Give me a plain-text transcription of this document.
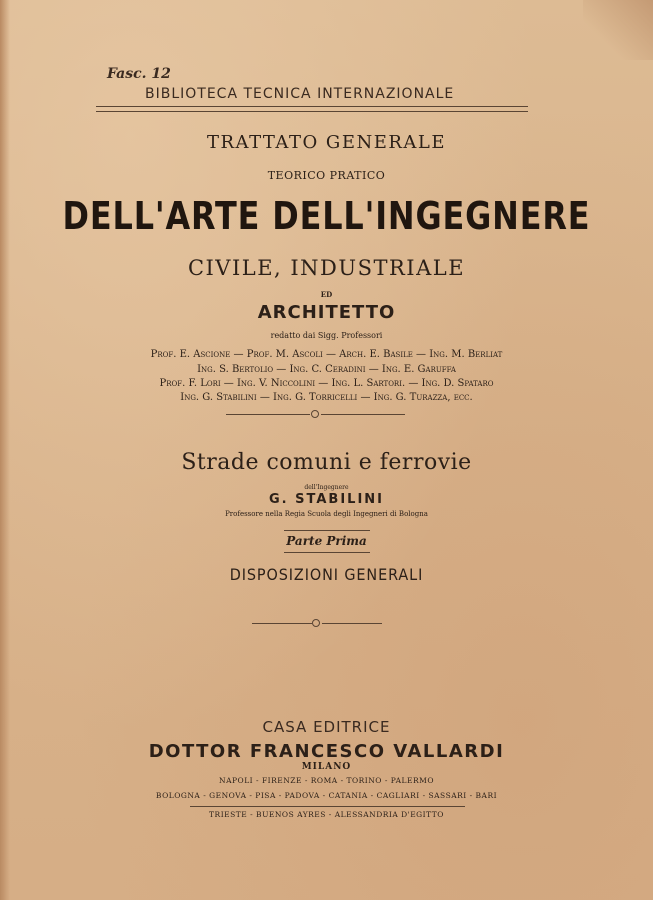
Fasc. 12
BIBLIOTECA TECNICA INTERNAZIONALE
TRATTATO GENERALE
TEORICO PRATICO
DELL'ARTE DELL'INGEGNERE
CIVILE, INDUSTRIALE
ED
ARCHITETTO
redatto dai Sigg. Professori
Prof. E. Ascione — Prof. M. Ascoli — Arch. E. Basile — Ing. M. Berliat
Ing. S. Bertolio — Ing. C. Ceradini — Ing. E. Garuffa
Prof. F. Lori — Ing. V. Niccolini — Ing. L. Sartori. — Ing. D. Spataro
Ing. G. Stabilini — Ing. G. Torricelli — Ing. G. Turazza, ecc.
Strade comuni e ferrovie
dell'Ingegnere
G. STABILINI
Professore nella Regia Scuola degli Ingegneri di Bologna
Parte Prima
DISPOSIZIONI GENERALI
CASA EDITRICE
DOTTOR FRANCESCO VALLARDI
MILANO
NAPOLI - FIRENZE - ROMA - TORINO - PALERMO
BOLOGNA - GENOVA - PISA - PADOVA - CATANIA - CAGLIARI - SASSARI - BARI
TRIESTE - BUENOS AYRES - ALESSANDRIA D'EGITTO
